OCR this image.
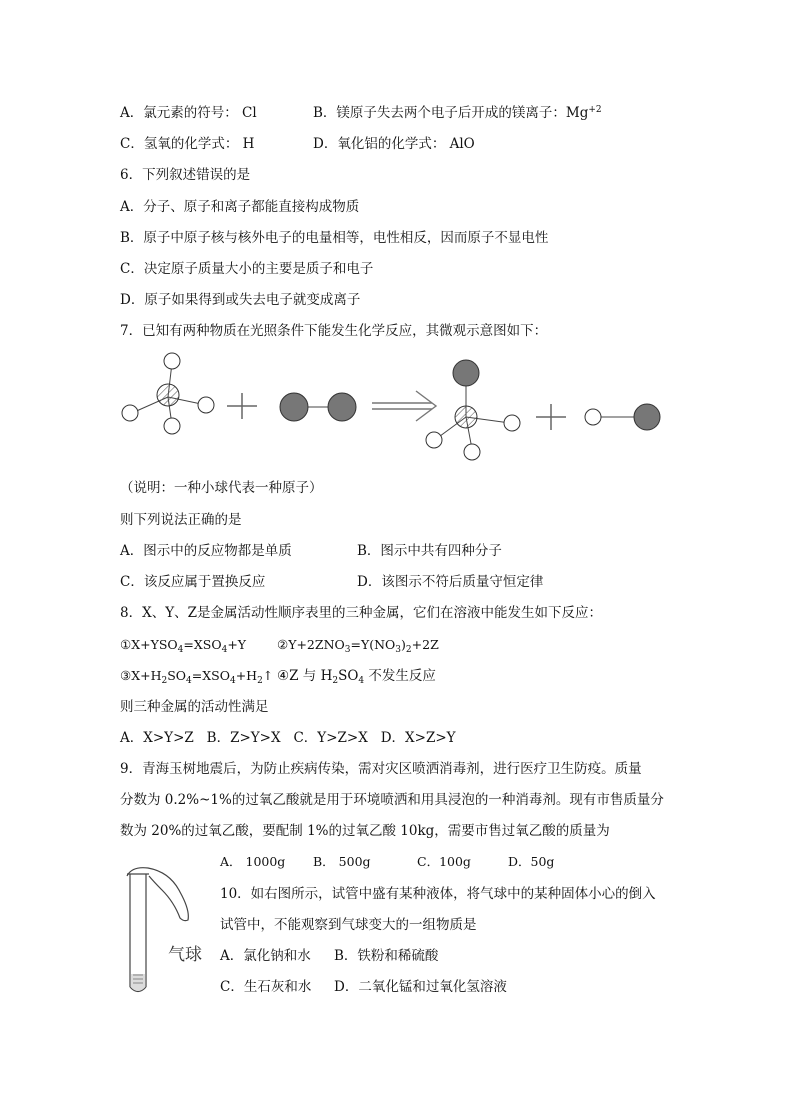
A．氯元素的符号： Cl	B．镁原子失去两个电子后开成的镁离子：$Mg^{+2}$
C．氢氧的化学式： H	D．氧化铝的化学式： AlO
6．下列叙述错误的是
A．分子、原子和离子都能直接构成物质
B．原子中原子核与核外电子的电量相等，电性相反，因而原子不显电性
C．决定原子质量大小的主要是质子和电子
D．原子如果得到或失去电子就变成离子
7．已知有两种物质在光照条件下能发生化学反应，其微观示意图如下：
（说明：一种小球代表一种原子）
则下列说法正确的是
A．图示中的反应物都是单质	B．图示中共有四种分子
C．该反应属于置换反应	D．该图示不符后质量守恒定律
8．X、Y、Z是金属活动性顺序表里的三种金属，它们在溶液中能发生如下反应：
$①X+YSO_4=XSO_4+Y$ $②Y+2ZNO_3=Y(NO_3)_2+2Z$
$③X+H_2SO_4=XSO_4+H_2↑$ ④Z 与 $H_2SO_4$ 不发生反应
则三种金属的活动性满足
A．X>Y>Z   B．Z>Y>X   C．Y>Z>X   D．X>Z>Y
9．青海玉树地震后，为防止疾病传染，需对灾区喷洒消毒剂，进行医疗卫生防疫。质量
分数为 0.2%~1%的过氧乙酸就是用于环境喷洒和用具浸泡的一种消毒剂。现有市售质量分
数为 20%的过氧乙酸，要配制 1%的过氧乙酸 10kg，需要市售过氧乙酸的质量为
A． 1000g B． 500g	C．100g	D．50g
气球
10．如右图所示，试管中盛有某种液体，将气球中的某种固体小心的倒入
试管中，不能观察到气球变大的一组物质是
A．氯化钠和水 B．铁粉和稀硫酸
C．生石灰和水 D．二氧化锰和过氧化氢溶液
